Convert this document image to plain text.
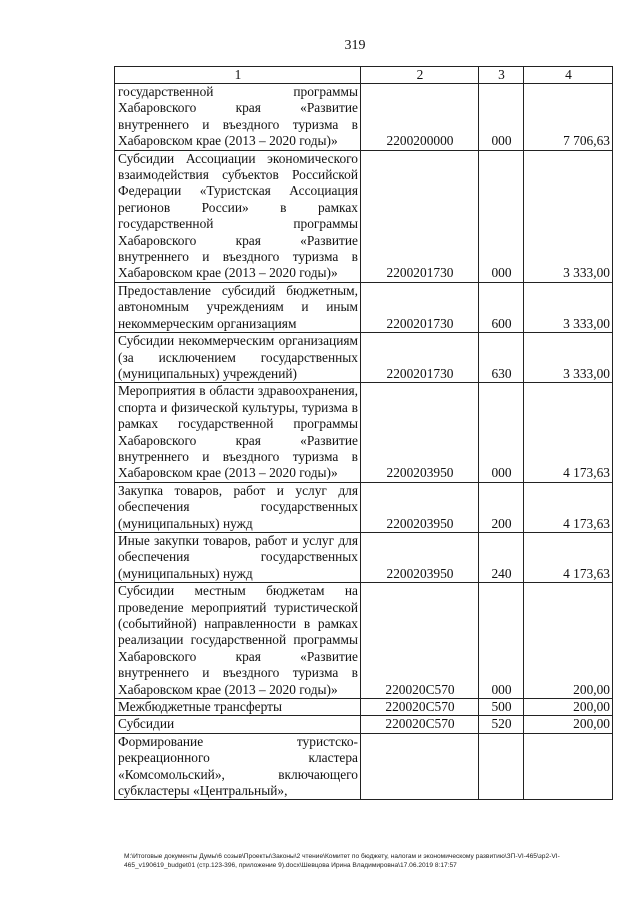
319
1	2	3	4
государственной программы Хабаровского края «Развитие внутреннего и въездного туризма в Хабаровском крае (2013 – 2020 годы)»	2200200000	000	7 706,63
Субсидии Ассоциации экономического взаимодействия субъектов Российской Федерации «Туристская Ассоциация регионов России» в рамках государственной программы Хабаровского края «Развитие внутреннего и въездного туризма в Хабаровском крае (2013 – 2020 годы)»	2200201730	000	3 333,00
Предоставление субсидий бюджетным, автономным учреждениям и иным некоммерческим организациям	2200201730	600	3 333,00
Субсидии некоммерческим организациям (за исключением государственных (муниципальных) учреждений)	2200201730	630	3 333,00
Мероприятия в области здравоохранения, спорта и физической культуры, туризма в рамках государственной программы Хабаровского края «Развитие внутреннего и въездного туризма в Хабаровском крае (2013 – 2020 годы)»	2200203950	000	4 173,63
Закупка товаров, работ и услуг для обеспечения государственных (муниципальных) нужд	2200203950	200	4 173,63
Иные закупки товаров, работ и услуг для обеспечения государственных (муниципальных) нужд	2200203950	240	4 173,63
Субсидии местным бюджетам на проведение мероприятий туристической (событийной) направленности в рамках реализации государственной программы Хабаровского края «Развитие внутреннего и въездного туризма в Хабаровском крае (2013 – 2020 годы)»	220020С570	000	200,00
Межбюджетные трансферты	220020С570	500	200,00
Субсидии	220020С570	520	200,00
Формирование туристско-рекреационного кластера «Комсомольский», включающего субкластеры «Центральный»,			
M:\Итоговые документы Думы\6 созыв\Проекты\Законы\2 чтение\Комитет по бюджету, налогам и экономическому развитию\ЗП-VI-465\зр2-VI-465_v190619_budget01 (стр.123-396, приложение 9).docx\Шевцова Ирина Владимировна\17.06.2019 8:17:57
